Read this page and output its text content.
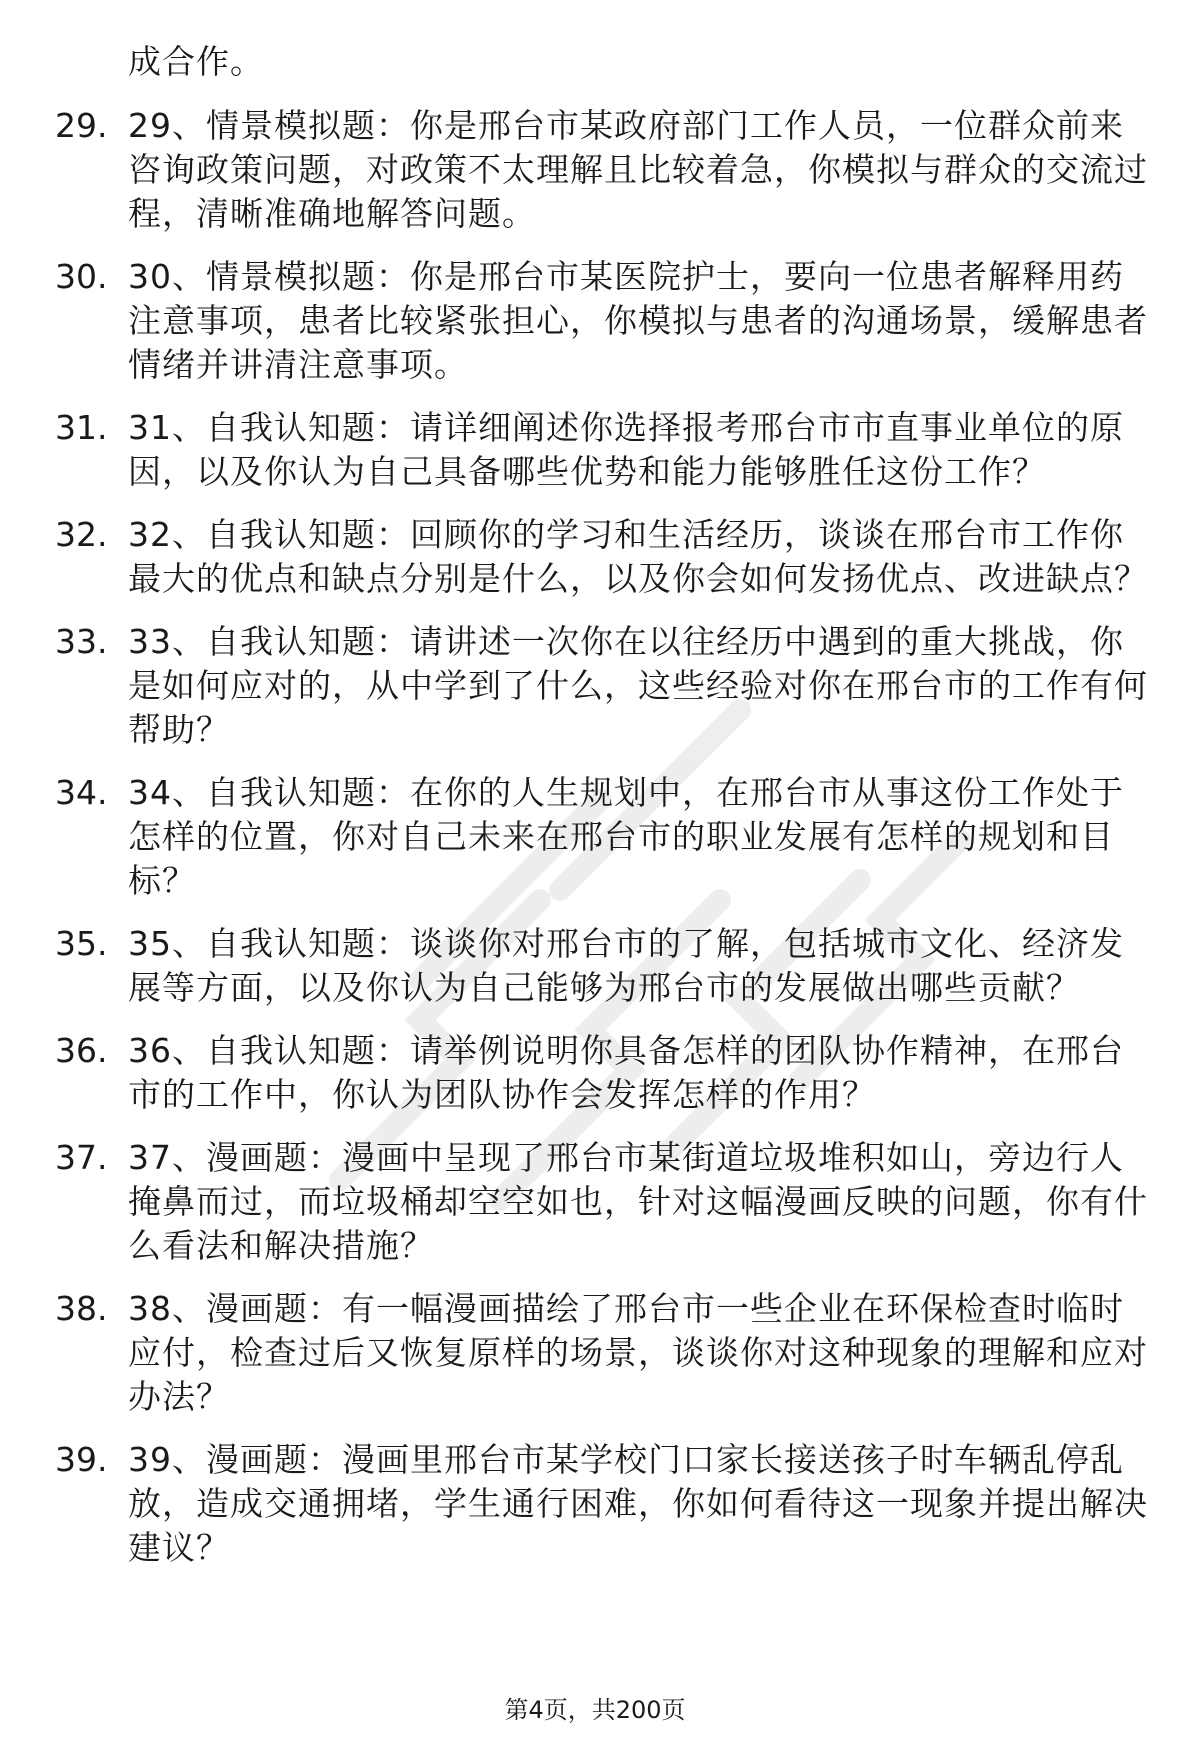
成合作。
29. 29、情景模拟题：你是邢台市某政府部门工作人员，一位群众前来咨询政策问题，对政策不太理解且比较着急，你模拟与群众的交流过程，清晰准确地解答问题。
30. 30、情景模拟题：你是邢台市某医院护士，要向一位患者解释用药注意事项，患者比较紧张担心，你模拟与患者的沟通场景，缓解患者情绪并讲清注意事项。
31. 31、自我认知题：请详细阐述你选择报考邢台市市直事业单位的原因，以及你认为自己具备哪些优势和能力能够胜任这份工作？
32. 32、自我认知题：回顾你的学习和生活经历，谈谈在邢台市工作你最大的优点和缺点分别是什么，以及你会如何发扬优点、改进缺点？
33. 33、自我认知题：请讲述一次你在以往经历中遇到的重大挑战，你是如何应对的，从中学到了什么，这些经验对你在邢台市的工作有何帮助？
34. 34、自我认知题：在你的人生规划中，在邢台市从事这份工作处于怎样的位置，你对自己未来在邢台市的职业发展有怎样的规划和目标？
35. 35、自我认知题：谈谈你对邢台市的了解，包括城市文化、经济发展等方面，以及你认为自己能够为邢台市的发展做出哪些贡献？
36. 36、自我认知题：请举例说明你具备怎样的团队协作精神，在邢台市的工作中，你认为团队协作会发挥怎样的作用？
37. 37、漫画题：漫画中呈现了邢台市某街道垃圾堆积如山，旁边行人掩鼻而过，而垃圾桶却空空如也，针对这幅漫画反映的问题，你有什么看法和解决措施？
38. 38、漫画题：有一幅漫画描绘了邢台市一些企业在环保检查时临时应付，检查过后又恢复原样的场景，谈谈你对这种现象的理解和应对办法？
39. 39、漫画题：漫画里邢台市某学校门口家长接送孩子时车辆乱停乱放，造成交通拥堵，学生通行困难，你如何看待这一现象并提出解决建议？
第4页，共200页
